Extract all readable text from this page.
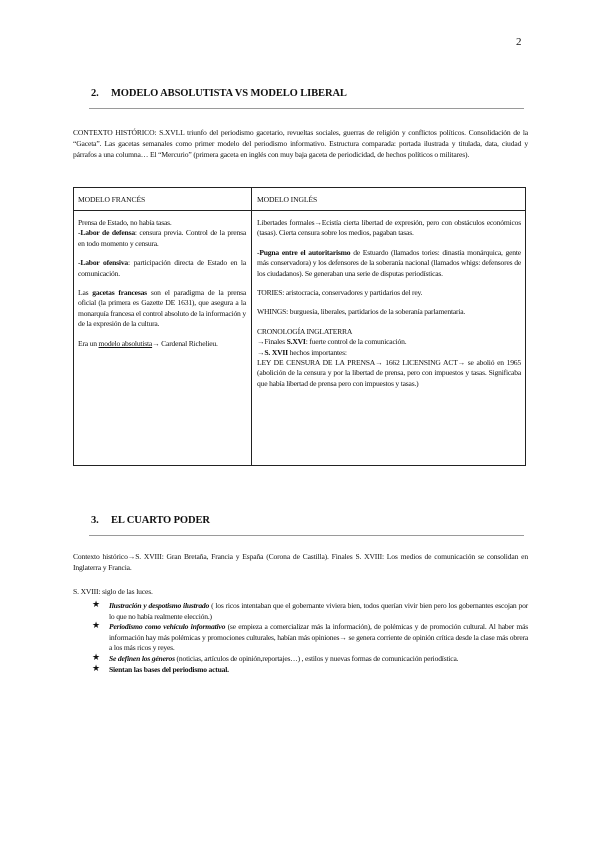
2
2. MODELO ABSOLUTISTA VS MODELO LIBERAL
CONTEXTO HISTÓRICO: S.XVLL triunfo del periodismo gacetario, revueltas sociales, guerras de religión y conflictos políticos. Consolidación de la “Gaceta”. Las gacetas semanales como primer modelo del periodismo informativo. Estructura comparada: portada ilustrada y titulada, data, ciudad y párrafos a una columna… El “Mercurio” (primera gaceta en inglés con muy baja gaceta de periodicidad, de hechos políticos o militares).
MODELO FRANCÉS	MODELO INGLÉS

Prensa de Estado, no había tasas.
-Labor de defensa: censura previa. Control de la prensa en todo momento y censura.

-Labor ofensiva: participación directa de Estado en la comunicación.

Las gacetas francesas son el paradigma de la prensa oficial (la primera es Gazette DE 1631), que asegura a la monarquía francesa el control absoluto de la información y de la expresión de la cultura.

Era un modelo absolutista→ Cardenal Richelieu.

Libertades formales→Ecistía cierta libertad de expresión, pero con obstáculos económicos (tasas). Cierta censura sobre los medios, pagaban tasas.

-Pugna entre el autoritarismo de Estuardo (llamados tories: dinastía monárquica, gente más conservadora) y los defensores de la soberanía nacional (llamados whigs: defensores de los ciudadanos). Se generaban una serie de disputas periodísticas.

TORIES: aristocracia, conservadores y partidarios del rey.

WHINGS: burguesía, liberales, partidarios de la soberanía parlamentaria.

CRONOLOGÍA INGLATERRA

→Finales S.XVI: fuerte control de la comunicación.

→S. XVII hechos importantes:

LEY DE CENSURA DE LA PRENSA→ 1662 LICENSING ACT→ se abolió en 1965 (abolición de la censura y por la libertad de prensa, pero con impuestos y tasas. Significaba que había libertad de prensa pero con impuestos y tasas.)

3. EL CUARTO PODER
Contexto histórico→S. XVIII: Gran Bretaña, Francia y España (Corona de Castilla). Finales S. XVIII: Los medios de comunicación se consolidan en Inglaterra y Francia.
S. XVIII: siglo de las luces.
★ Ilustración y despotismo ilustrado ( los ricos intentaban que el gobernante viviera bien, todos querían vivir bien pero los gobernantes escojan por lo que no había realmente elección.)
★ Periodismo como vehículo informativo (se empieza a comercializar más la información), de polémicas y de promoción cultural. Al haber más información hay más polémicas y promociones culturales, habían más opiniones→ se genera corriente de opinión crítica desde la clase más obrera a los más ricos y reyes.
★ Se definen los géneros (noticias, artículos de opinión,reportajes…) , estilos y nuevas formas de comunicación periodística.
★ Sientan las bases del periodismo actual.
